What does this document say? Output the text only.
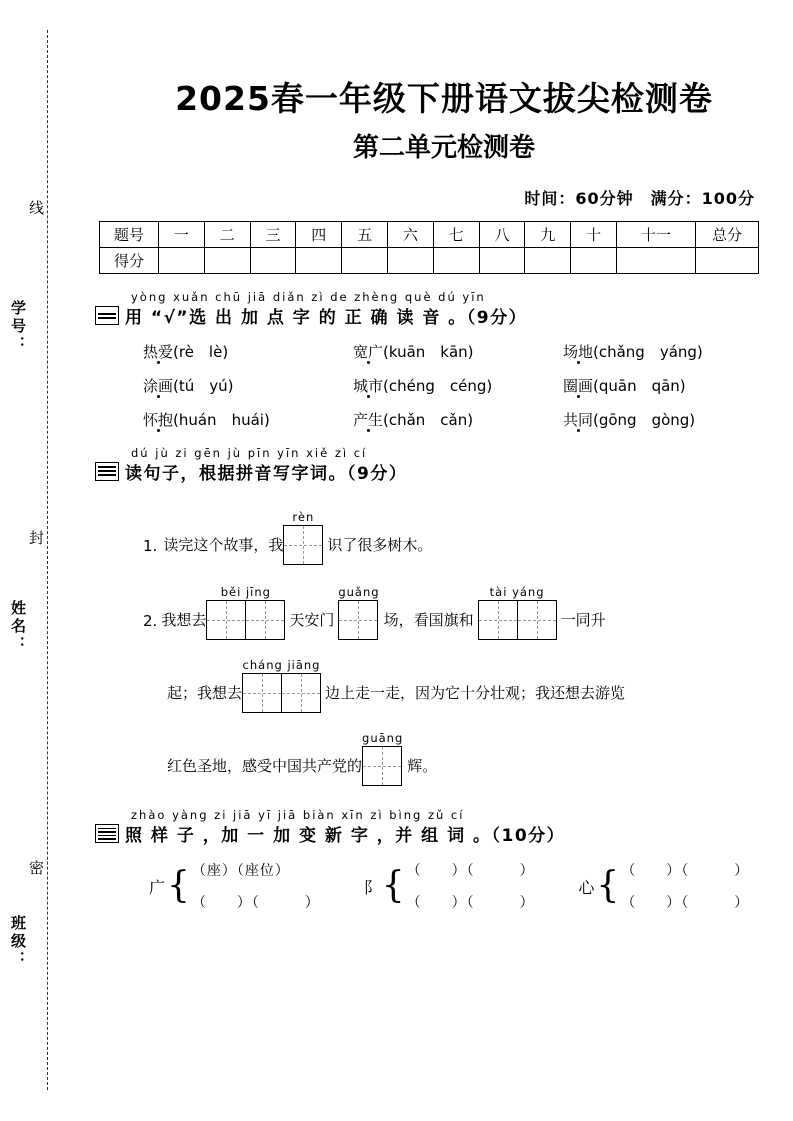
线
学号：
封
姓名：
密
班级：
2025春一年级下册语文拔尖检测卷
第二单元检测卷
时间：60分钟　满分：100分
题号	一	二	三	四	五	六	七	八	九	十	十一	总分
得分												
yòng xuǎn chū jiā diǎn zì de zhèng què dú yīn
用 “√”选 出 加 点 字 的 正 确 读 音 。（9分）
热爱(rè　lè)	宽广(kuān　kān)	场地(chǎng　yáng)
涂画(tú　yú)	城市(chéng　céng)	圈画(quān　qān)
怀抱(huán　huái)	产生(chǎn　cǎn)	共同(gōng　gòng)
dú jù zi gēn jù pīn yīn xiě zì cí
读句子，根据拼音写字词。（9分）
1. 读完这个故事，我
rèn
识了很多树木。
2. 我想去
běi jīng
天安门
guǎng
场，看国旗和
tài yáng
一同升
起；我想去
cháng jiāng
边上走一走，因为它十分壮观；我还想去游览
红色圣地，感受中国共产党的
guāng
辉。
zhào yàng zi jiā yī jiā biàn xīn zì bìng zǔ cí
照 样 子 ，加 一 加 变 新 字 ，并 组 词 。（10分）
广 { （座）（座位）
（　　）（　　　）
阝 { （　　）（　　　）
（　　）（　　　）
心 { （　　）（　　　）
（　　）（　　　）
